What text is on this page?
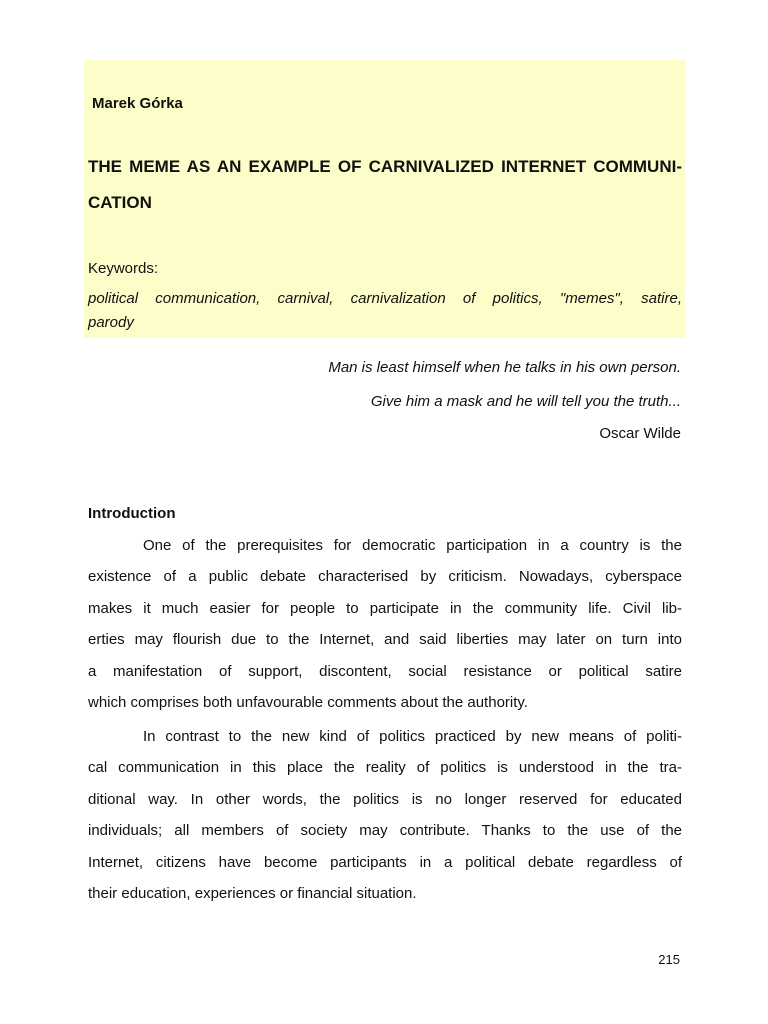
Marek Górka
THE MEME AS AN EXAMPLE OF CARNIVALIZED INTERNET COMMUNI-
CATION
Keywords:
political communication, carnival, carnivalization of politics, "memes", satire,
parody
Man is least himself when he talks in his own person.
Give him a mask and he will tell you the truth...
Oscar Wilde
Introduction
One of the prerequisites for democratic participation in a country is the
existence of a public debate characterised by criticism. Nowadays, cyberspace
makes it much easier for people to participate in the community life. Civil lib-
erties may flourish due to the Internet, and said liberties may later on turn into
a manifestation of support, discontent, social resistance or political satire
which comprises both unfavourable comments about the authority.
In contrast to the new kind of politics practiced by new means of politi-
cal communication in this place the reality of politics is understood in the tra-
ditional way. In other words, the politics is no longer reserved for educated
individuals; all members of society may contribute. Thanks to the use of the
Internet, citizens have become participants in a political debate regardless of
their education, experiences or financial situation.
215
